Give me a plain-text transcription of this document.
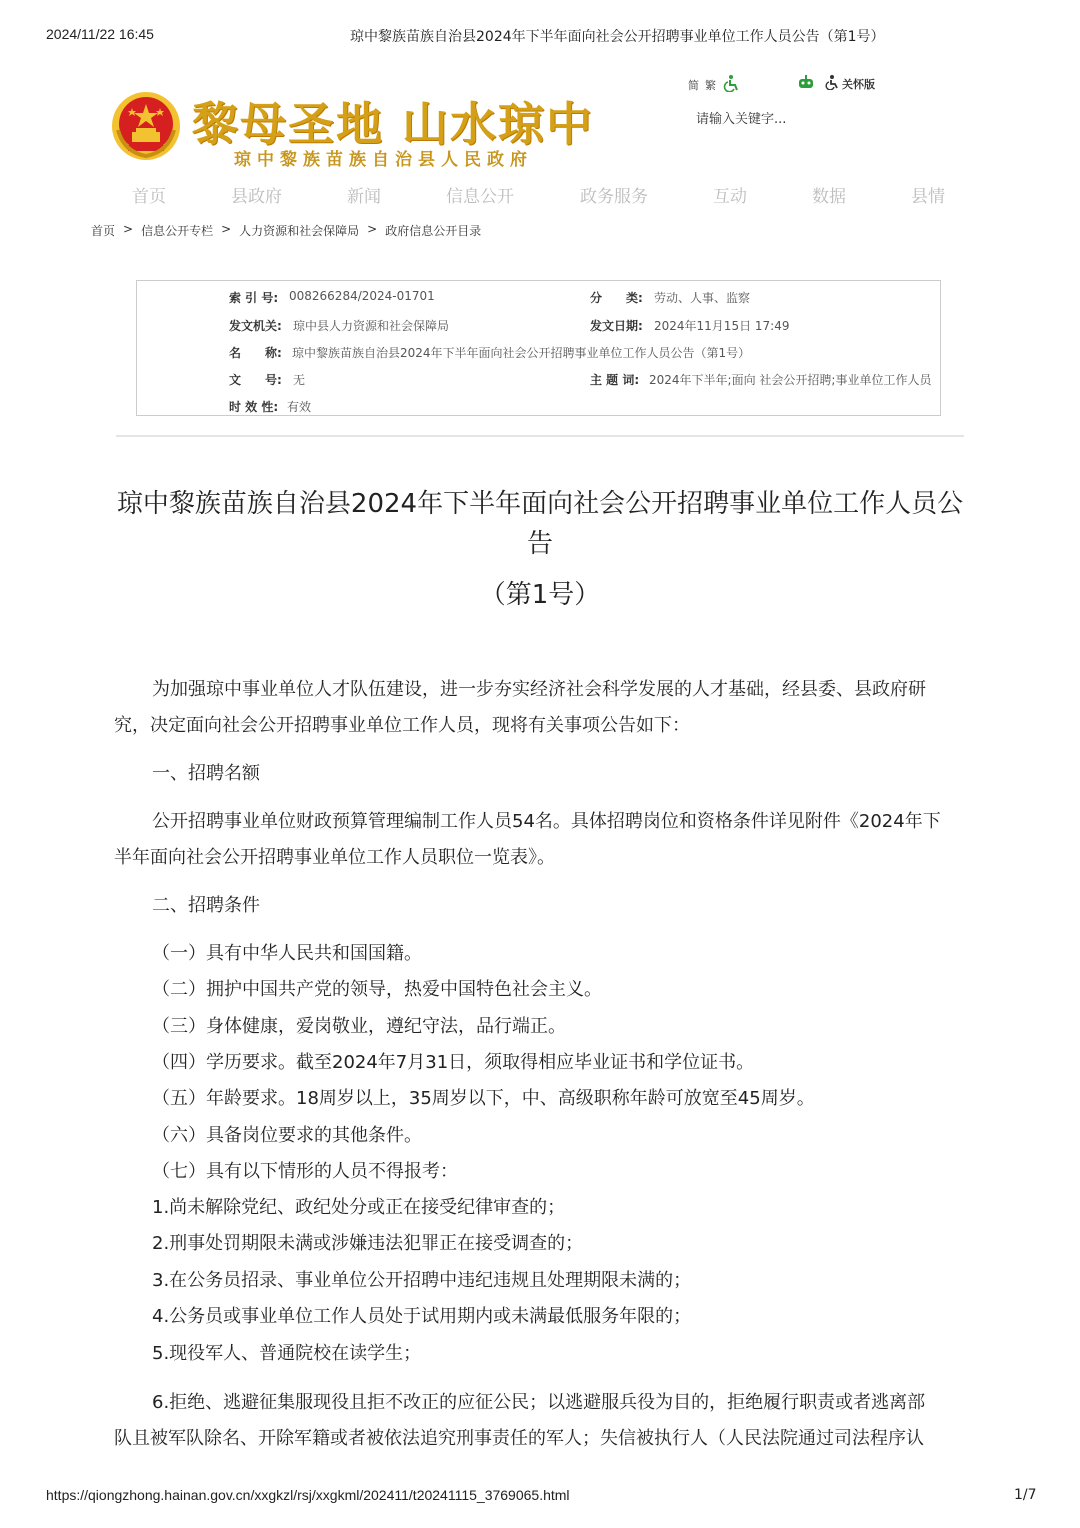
2024/11/22 16:45	琼中黎族苗族自治县2024年下半年面向社会公开招聘事业单位工作人员公告（第1号）
黎母圣地 山水琼中
琼中黎族苗族自治县人民政府
简 繁	关怀版
请输入关键字...
首页	县政府	新闻	信息公开	政务服务	互动	数据	县情
首页 > 信息公开专栏 > 人力资源和社会保障局 > 政府信息公开目录
索 引 号: 008266284/2024-01701	分　　类: 劳动、人事、监察
发文机关: 琼中县人力资源和社会保障局	发文日期: 2024年11月15日 17:49
名　　称: 琼中黎族苗族自治县2024年下半年面向社会公开招聘事业单位工作人员公告（第1号）
文　　号: 无	主 题 词: 2024年下半年;面向 社会公开招聘;事业单位工作人员
时 效 性: 有效
琼中黎族苗族自治县2024年下半年面向社会公开招聘事业单位工作人员公
告
（第1号）
为加强琼中事业单位人才队伍建设，进一步夯实经济社会科学发展的人才基础，经县委、县政府研
究，决定面向社会公开招聘事业单位工作人员，现将有关事项公告如下：
一、招聘名额
公开招聘事业单位财政预算管理编制工作人员54名。具体招聘岗位和资格条件详见附件《2024年下
半年面向社会公开招聘事业单位工作人员职位一览表》。
二、招聘条件
（一）具有中华人民共和国国籍。
（二）拥护中国共产党的领导，热爱中国特色社会主义。
（三）身体健康，爱岗敬业，遵纪守法，品行端正。
（四）学历要求。截至2024年7月31日，须取得相应毕业证书和学位证书。
（五）年龄要求。18周岁以上，35周岁以下，中、高级职称年龄可放宽至45周岁。
（六）具备岗位要求的其他条件。
（七）具有以下情形的人员不得报考：
1.尚未解除党纪、政纪处分或正在接受纪律审查的；
2.刑事处罚期限未满或涉嫌违法犯罪正在接受调查的；
3.在公务员招录、事业单位公开招聘中违纪违规且处理期限未满的；
4.公务员或事业单位工作人员处于试用期内或未满最低服务年限的；
5.现役军人、普通院校在读学生；
6.拒绝、逃避征集服现役且拒不改正的应征公民；以逃避服兵役为目的，拒绝履行职责或者逃离部
队且被军队除名、开除军籍或者被依法追究刑事责任的军人；失信被执行人（人民法院通过司法程序认
https://qiongzhong.hainan.gov.cn/xxgkzl/rsj/xxgkml/202411/t20241115_3769065.html	1/7
